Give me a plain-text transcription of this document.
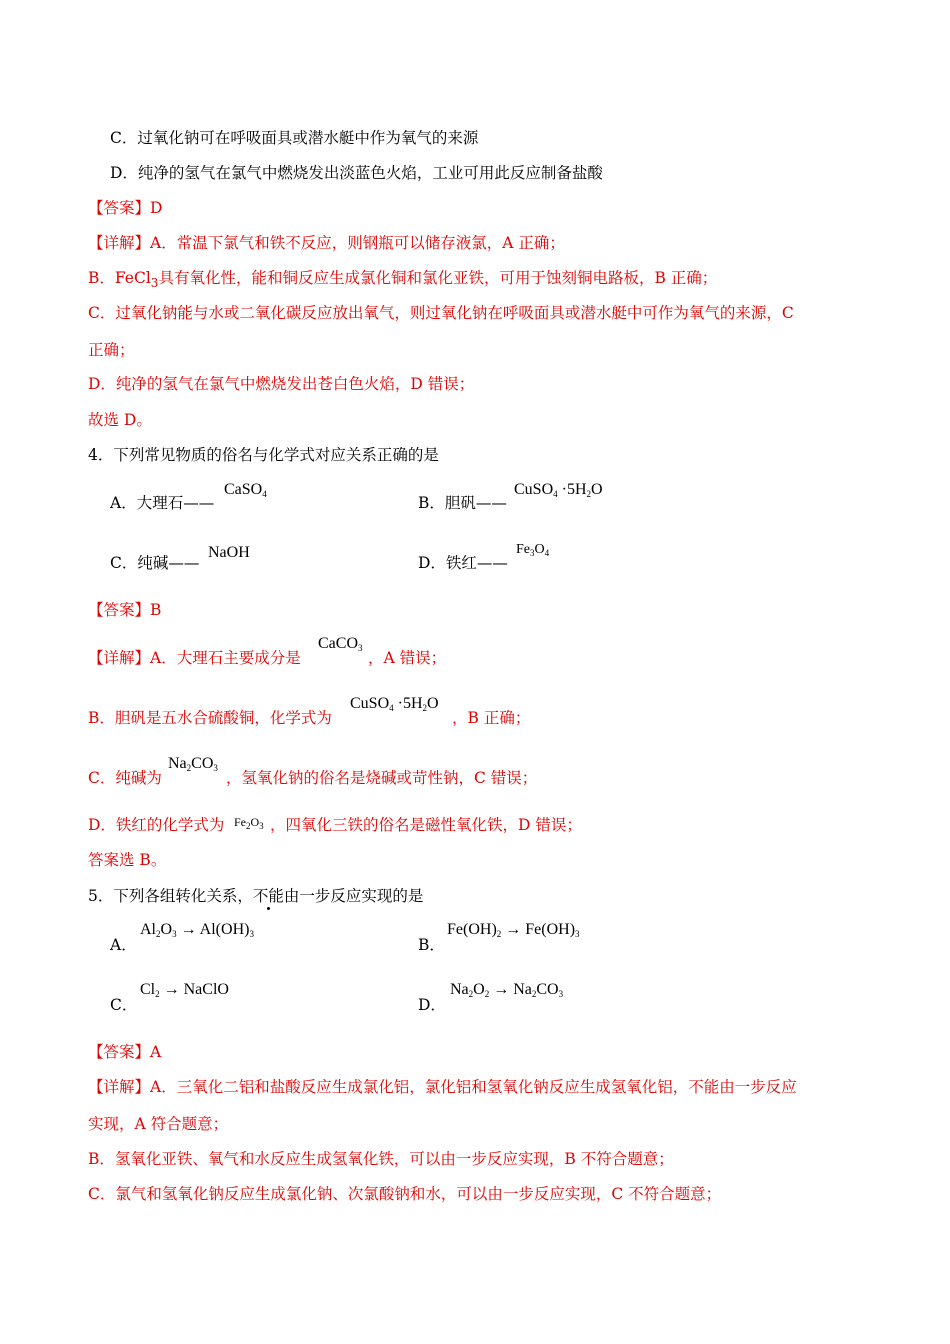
C．过氧化钠可在呼吸面具或潜水艇中作为氧气的来源
D．纯净的氢气在氯气中燃烧发出淡蓝色火焰，工业可用此反应制备盐酸
【答案】D
【详解】A．常温下氯气和铁不反应，则钢瓶可以储存液氯，A 正确；
B．FeCl$_3$具有氧化性，能和铜反应生成氯化铜和氯化亚铁，可用于蚀刻铜电路板，B 正确；
C．过氧化钠能与水或二氧化碳反应放出氧气，则过氧化钠在呼吸面具或潜水艇中可作为氧气的来源，C
正确；
D．纯净的氢气在氯气中燃烧发出苍白色火焰，D 错误；
故选 D。
4．下列常见物质的俗名与化学式对应关系正确的是
A．大理石——
CaSO$_4$	B．胆矾——
CuSO$_4$ $\cdot 5H_2O$
C．纯碱——
NaOH
D．铁红——
$Fe_3O_4$
【答案】B
【详解】A．大理石主要成分是
CaCO$_3$
，A 错误；
B．胆矾是五水合硫酸铜，化学式为
CuSO$_4$ $\cdot 5H_2O$
，B 正确；
C．纯碱为
$Na_2CO_3$
，氢氧化钠的俗名是烧碱或苛性钠，C 错误；
D．铁红的化学式为 $Fe_2O_3$ ，四氧化三铁的俗名是磁性氧化铁，D 错误；
答案选 B。
5．下列各组转化关系，不能由一步反应实现的是
A．
$Al_2O_3 \to Al(OH)_3$
B．
$Fe(OH)_2 \to Fe(OH)_3$
C．
$Cl_2$ → NaClO
D．
$Na_2O_2 \to Na_2CO_3$
【答案】A
【详解】A．三氧化二铝和盐酸反应生成氯化铝，氯化铝和氢氧化钠反应生成氢氧化铝，不能由一步反应
实现，A 符合题意；
B．氢氧化亚铁、氧气和水反应生成氢氧化铁，可以由一步反应实现，B 不符合题意；
C．氯气和氢氧化钠反应生成氯化钠、次氯酸钠和水，可以由一步反应实现，C 不符合题意；
